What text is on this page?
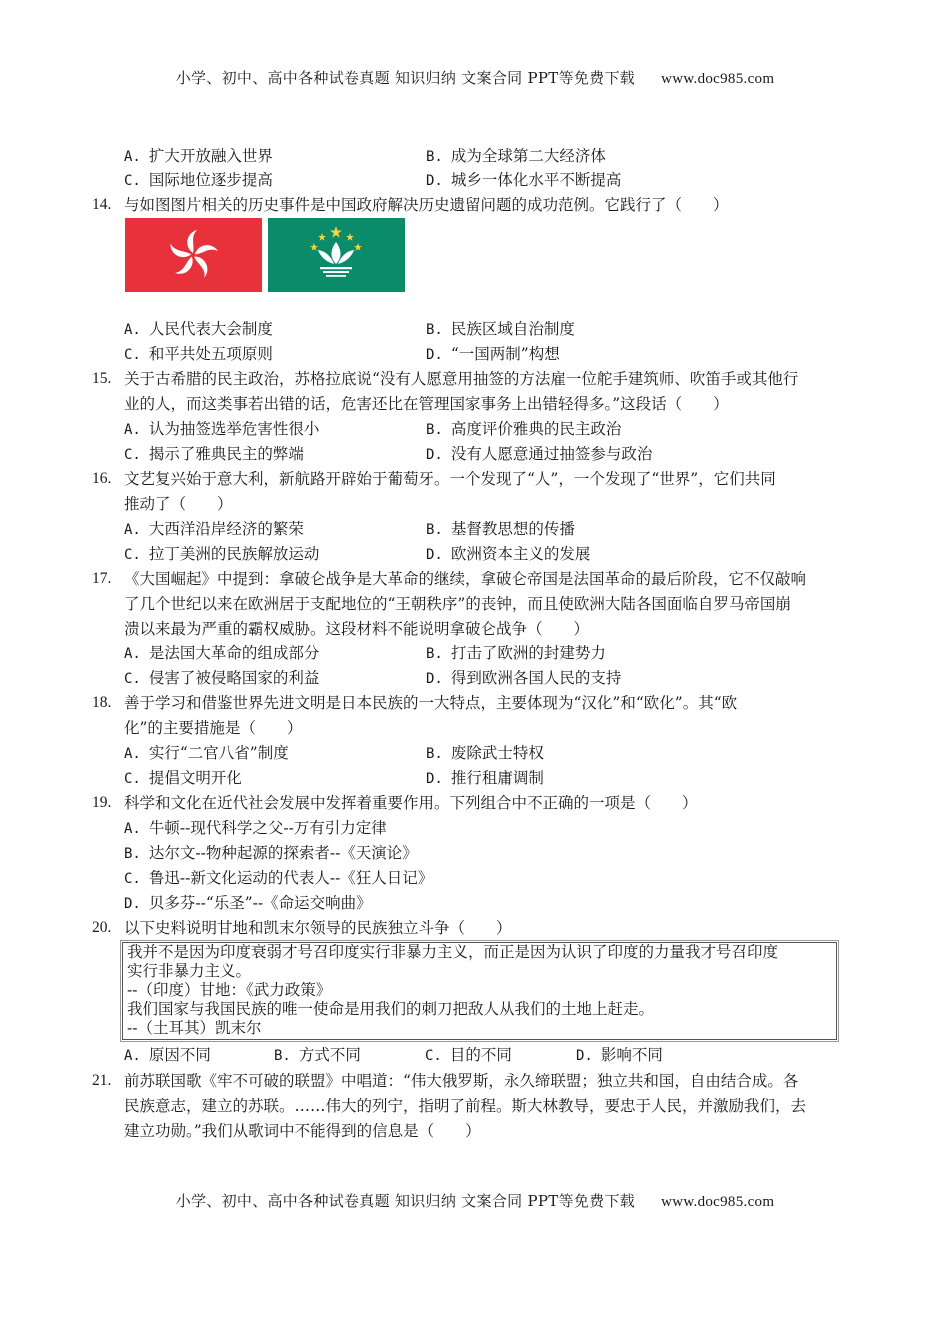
小学、初中、高中各种试卷真题 知识归纳 文案合同 PPT等免费下载 www.doc985.com
A. 扩大开放融入世界	B. 成为全球第二大经济体
C. 国际地位逐步提高	D. 城乡一体化水平不断提高
14. 与如图图片相关的历史事件是中国政府解决历史遗留问题的成功范例。它践行了（　　）
A. 人民代表大会制度	B. 民族区域自治制度
C. 和平共处五项原则	D. “一国两制”构想
15. 关于古希腊的民主政治，苏格拉底说“没有人愿意用抽签的方法雇一位舵手建筑师、吹笛手或其他行
业的人，而这类事若出错的话，危害还比在管理国家事务上出错轻得多。”这段话（　　）
A. 认为抽签选举危害性很小	B. 高度评价雅典的民主政治
C. 揭示了雅典民主的弊端	D. 没有人愿意通过抽签参与政治
16. 文艺复兴始于意大利，新航路开辟始于葡萄牙。一个发现了“人”，一个发现了“世界”，它们共同
推动了（　　）
A. 大西洋沿岸经济的繁荣	B. 基督教思想的传播
C. 拉丁美洲的民族解放运动	D. 欧洲资本主义的发展
17. 《大国崛起》中提到：拿破仑战争是大革命的继续，拿破仑帝国是法国革命的最后阶段，它不仅敲响
了几个世纪以来在欧洲居于支配地位的“王朝秩序”的丧钟，而且使欧洲大陆各国面临自罗马帝国崩
溃以来最为严重的霸权威胁。这段材料不能说明拿破仑战争（　　）
A. 是法国大革命的组成部分	B. 打击了欧洲的封建势力
C. 侵害了被侵略国家的利益	D. 得到欧洲各国人民的支持
18. 善于学习和借鉴世界先进文明是日本民族的一大特点，主要体现为“汉化”和“欧化”。其“欧
化”的主要措施是（　　）
A. 实行“二官八省”制度	B. 废除武士特权
C. 提倡文明开化	D. 推行租庸调制
19. 科学和文化在近代社会发展中发挥着重要作用。下列组合中不正确的一项是（　　）
A. 牛顿--现代科学之父--万有引力定律
B. 达尔文--物种起源的探索者--《天演论》
C. 鲁迅--新文化运动的代表人--《狂人日记》
D. 贝多芬--“乐圣”--《命运交响曲》
20. 以下史料说明甘地和凯末尔领导的民族独立斗争（　　）
我并不是因为印度衰弱才号召印度实行非暴力主义，而正是因为认识了印度的力量我才号召印度
实行非暴力主义。
--（印度）甘地：《武力政策》
我们国家与我国民族的唯一使命是用我们的刺刀把敌人从我们的土地上赶走。
--（土耳其）凯末尔
A. 原因不同	B. 方式不同	C. 目的不同	D. 影响不同
21. 前苏联国歌《牢不可破的联盟》中唱道：“伟大俄罗斯，永久缔联盟；独立共和国，自由结合成。各
民族意志，建立的苏联。……伟大的列宁，指明了前程。斯大林教导，要忠于人民，并激励我们，去
建立功勋。”我们从歌词中不能得到的信息是（　　）
小学、初中、高中各种试卷真题 知识归纳 文案合同 PPT等免费下载 www.doc985.com
